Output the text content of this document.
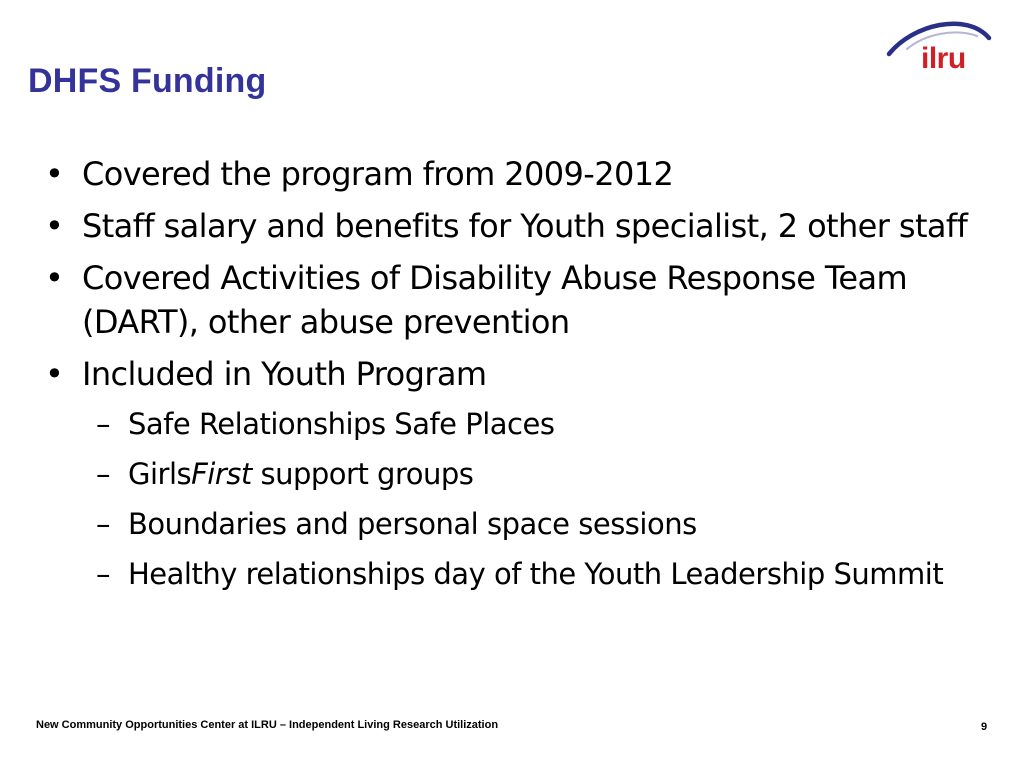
DHFS Funding
ilru
• Covered the program from 2009-2012
• Staff salary and benefits for Youth specialist, 2 other staff
• Covered Activities of Disability Abuse Response Team (DART), other abuse prevention
• Included in Youth Program
– Safe Relationships Safe Places
– GirlsFirst support groups
– Boundaries and personal space sessions
– Healthy relationships day of the Youth Leadership Summit
New Community Opportunities Center at ILRU – Independent Living Research Utilization	9
